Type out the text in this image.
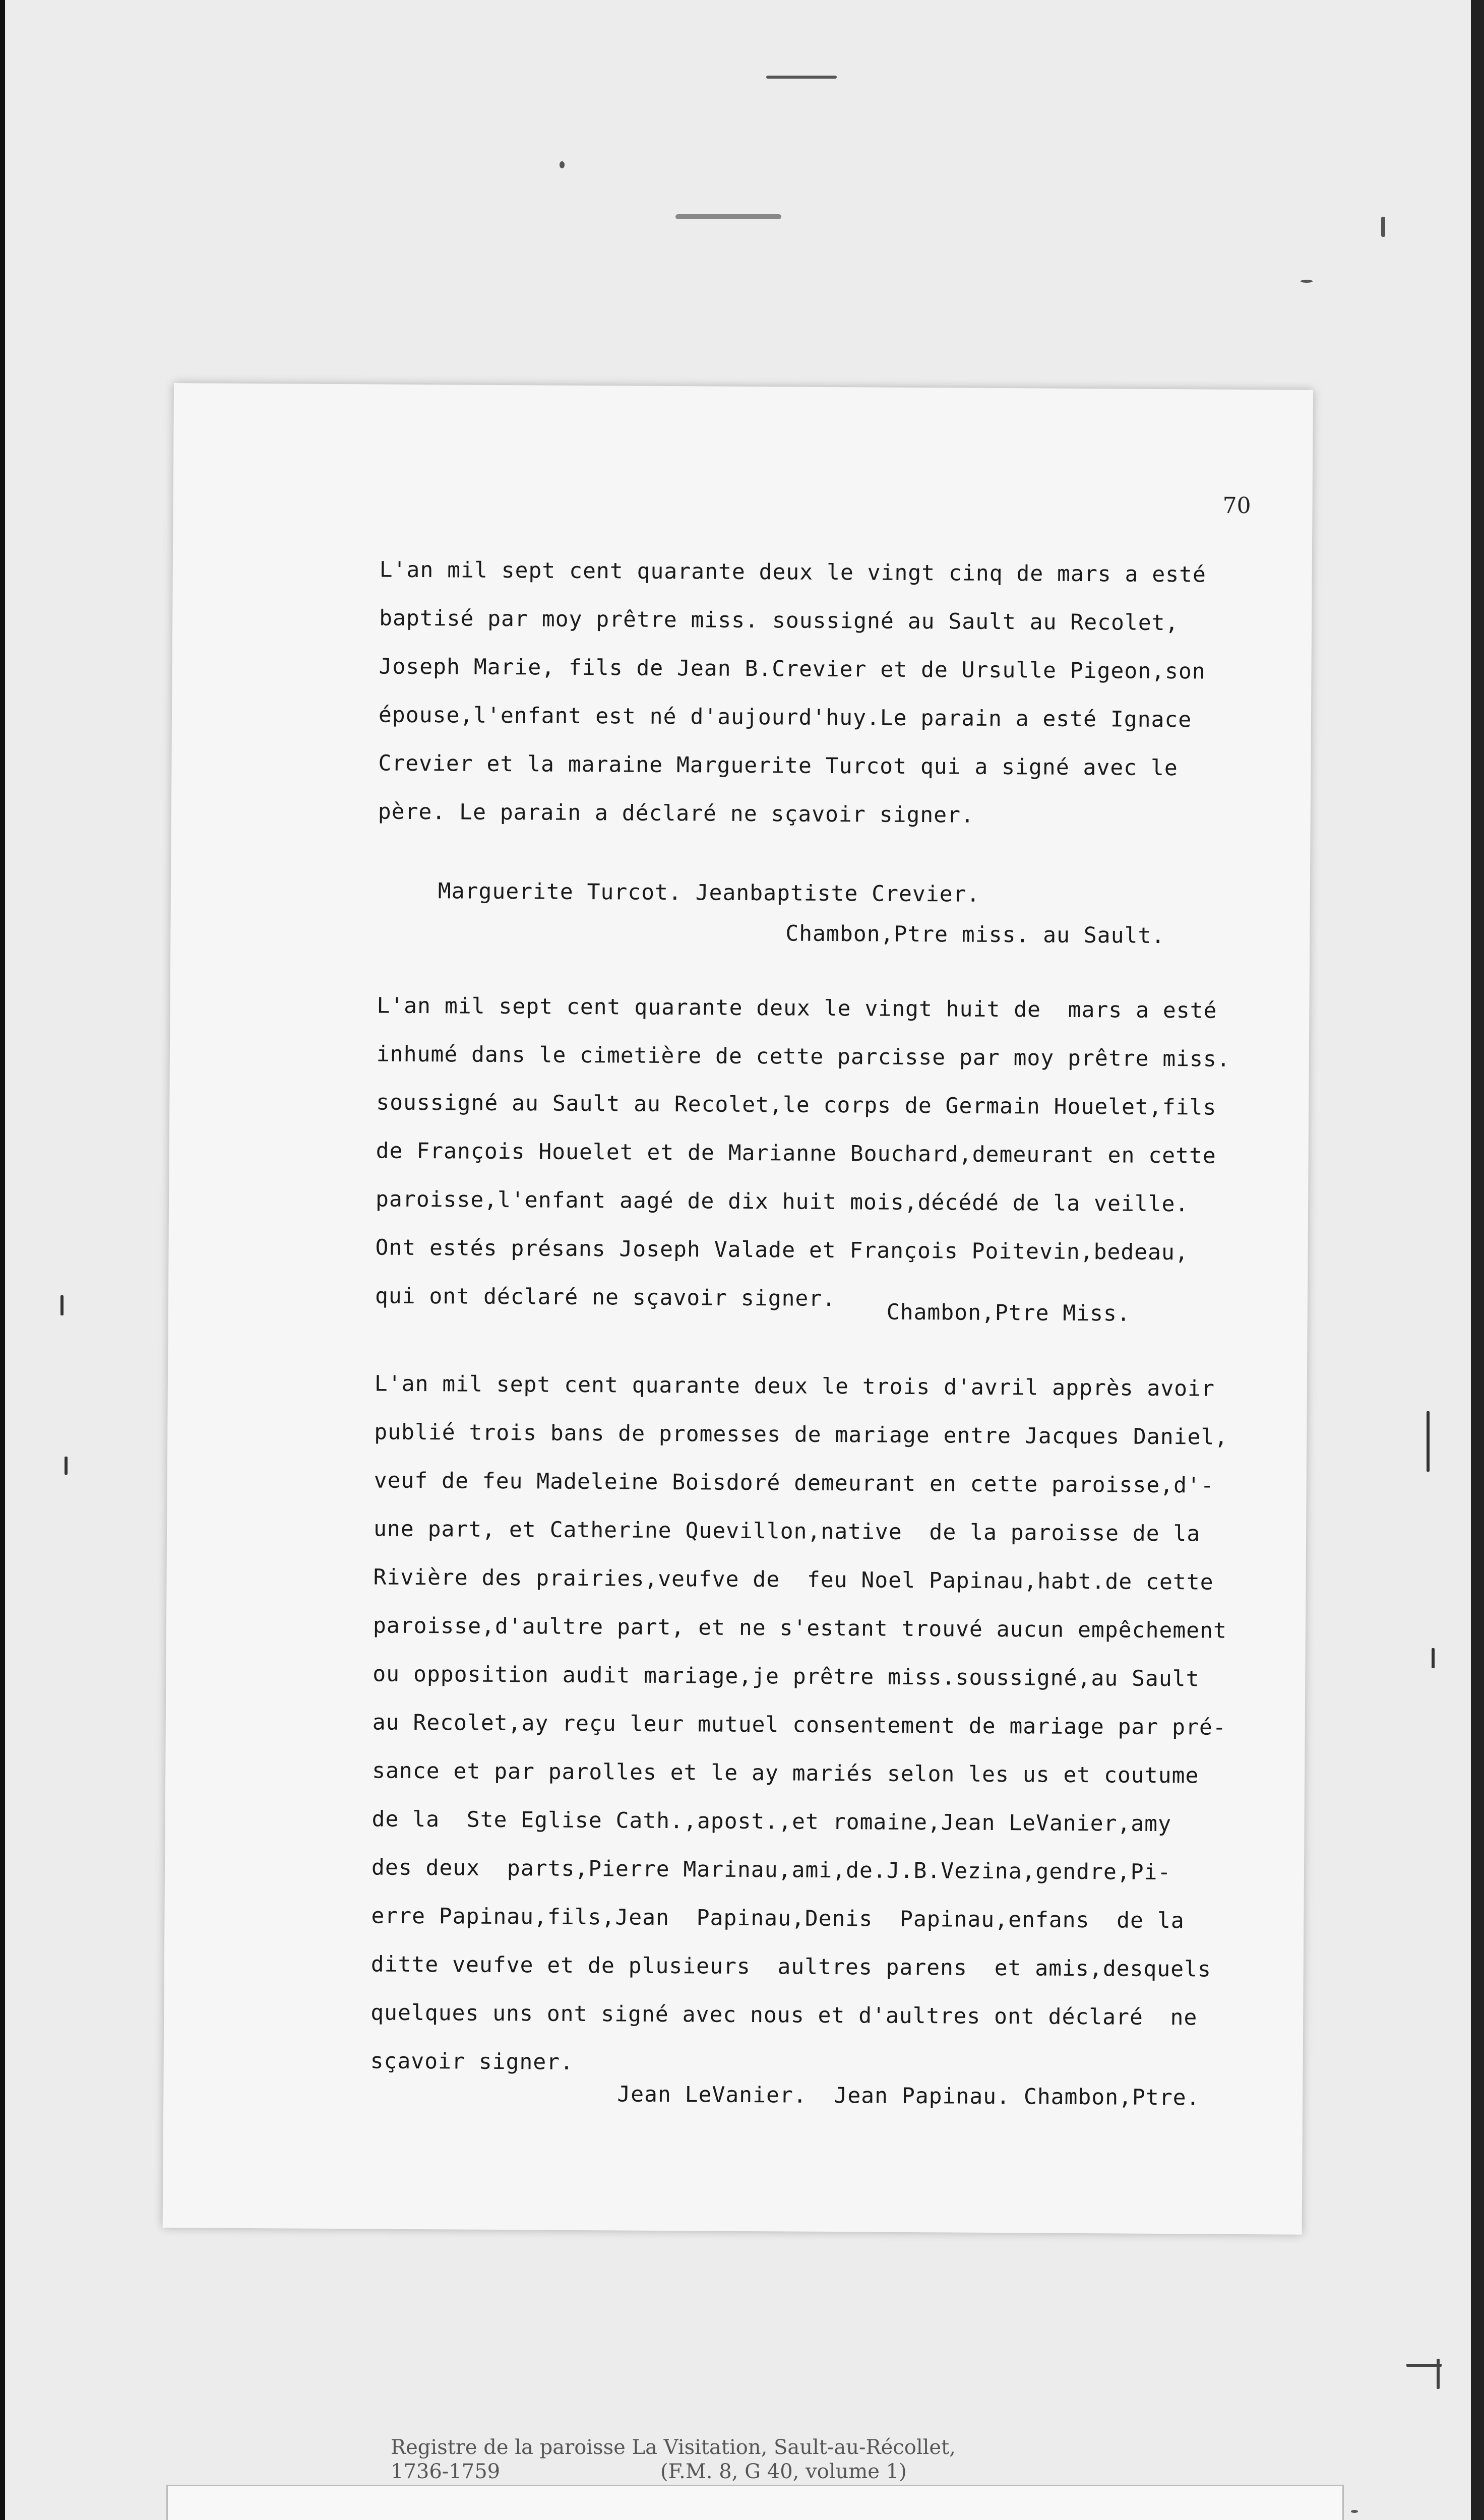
70
L'an mil sept cent quarante deux le vingt cinq de mars a esté
baptisé par moy prêtre miss. soussigné au Sault au Recolet,
Joseph Marie, fils de Jean B.Crevier et de Ursulle Pigeon,son
épouse,l'enfant est né d'aujourd'huy.Le parain a esté Ignace
Crevier et la maraine Marguerite Turcot qui a signé avec le
père. Le parain a déclaré ne sçavoir signer.
Marguerite Turcot. Jeanbaptiste Crevier.
Chambon,Ptre miss. au Sault.
L'an mil sept cent quarante deux le vingt huit de  mars a esté
inhumé dans le cimetière de cette parcisse par moy prêtre miss.
soussigné au Sault au Recolet,le corps de Germain Houelet,fils
de François Houelet et de Marianne Bouchard,demeurant en cette
paroisse,l'enfant aagé de dix huit mois,décédé de la veille.
Ont estés présans Joseph Valade et François Poitevin,bedeau,
qui ont déclaré ne sçavoir signer.
Chambon,Ptre Miss.
L'an mil sept cent quarante deux le trois d'avril apprès avoir
publié trois bans de promesses de mariage entre Jacques Daniel,
veuf de feu Madeleine Boisdoré demeurant en cette paroisse,d'-
une part, et Catherine Quevillon,native  de la paroisse de la
Rivière des prairies,veufve de  feu Noel Papinau,habt.de cette
paroisse,d'aultre part, et ne s'estant trouvé aucun empêchement
ou opposition audit mariage,je prêtre miss.soussigné,au Sault
au Recolet,ay reçu leur mutuel consentement de mariage par pré-
sance et par parolles et le ay mariés selon les us et coutume
de la  Ste Eglise Cath.,apost.,et romaine,Jean LeVanier,amy
des deux  parts,Pierre Marinau,ami,de.J.B.Vezina,gendre,Pi-
erre Papinau,fils,Jean  Papinau,Denis  Papinau,enfans  de la
ditte veufve et de plusieurs  aultres parens  et amis,desquels
quelques uns ont signé avec nous et d'aultres ont déclaré  ne
sçavoir signer.
Jean LeVanier.  Jean Papinau. Chambon,Ptre.
Registre de la paroisse La Visitation, Sault-au-Récollet,
1736-1759                         (F.M. 8, G 40, volume 1)
